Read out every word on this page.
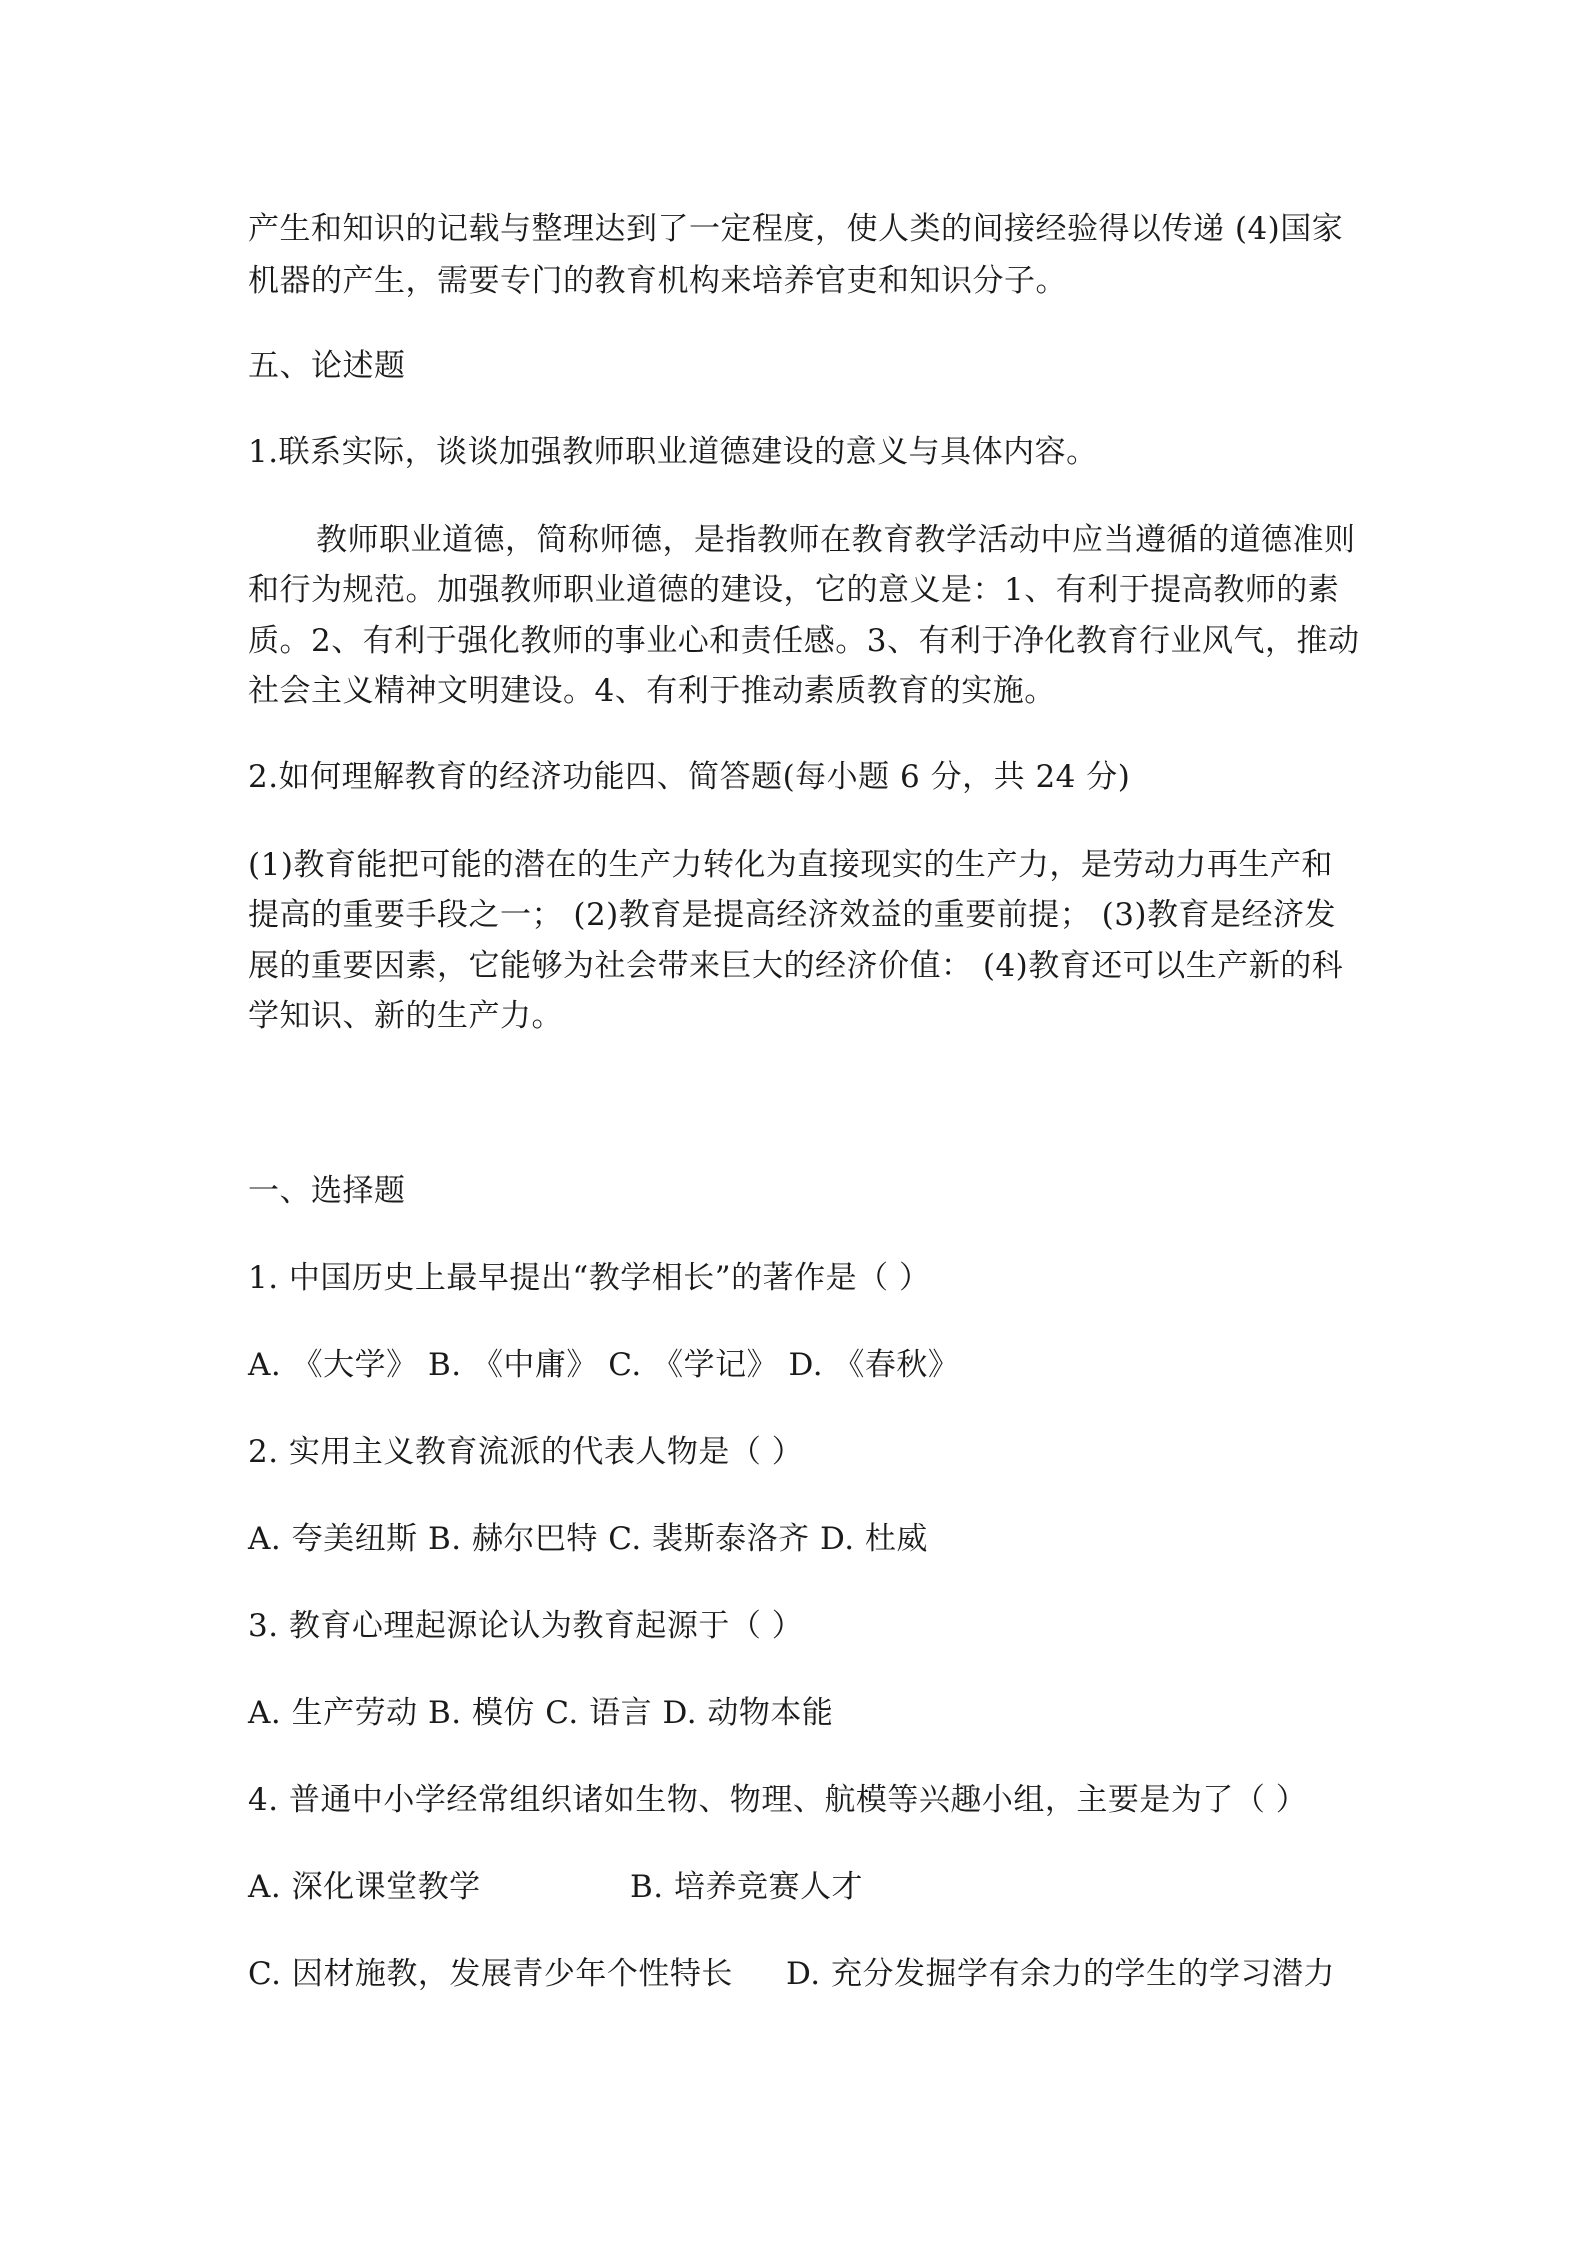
产生和知识的记载与整理达到了一定程度，使人类的间接经验得以传递 (4)国家
机器的产生，需要专门的教育机构来培养官吏和知识分子。
五、论述题
1.联系实际，谈谈加强教师职业道德建设的意义与具体内容。
教师职业道德，简称师德，是指教师在教育教学活动中应当遵循的道德准则
和行为规范。加强教师职业道德的建设，它的意义是：1、有利于提高教师的素
质。2、有利于强化教师的事业心和责任感。3、有利于净化教育行业风气，推动
社会主义精神文明建设。4、有利于推动素质教育的实施。
2.如何理解教育的经济功能四、简答题(每小题 6 分，共 24 分)
(1)教育能把可能的潜在的生产力转化为直接现实的生产力，是劳动力再生产和
提高的重要手段之一； (2)教育是提高经济效益的重要前提； (3)教育是经济发
展的重要因素，它能够为社会带来巨大的经济价值： (4)教育还可以生产新的科
学知识、新的生产力。
一、选择题
1. 中国历史上最早提出“教学相长”的著作是（ ）
A. 《大学》 B. 《中庸》 C. 《学记》 D. 《春秋》
2. 实用主义教育流派的代表人物是（ ）
A. 夸美纽斯 B. 赫尔巴特 C. 裴斯泰洛齐 D. 杜威
3. 教育心理起源论认为教育起源于（ ）
A. 生产劳动 B. 模仿 C. 语言 D. 动物本能
4. 普通中小学经常组织诸如生物、物理、航模等兴趣小组，主要是为了（ ）
A. 深化课堂教学	B. 培养竞赛人才
C. 因材施教，发展青少年个性特长 D. 充分发掘学有余力的学生的学习潜力
